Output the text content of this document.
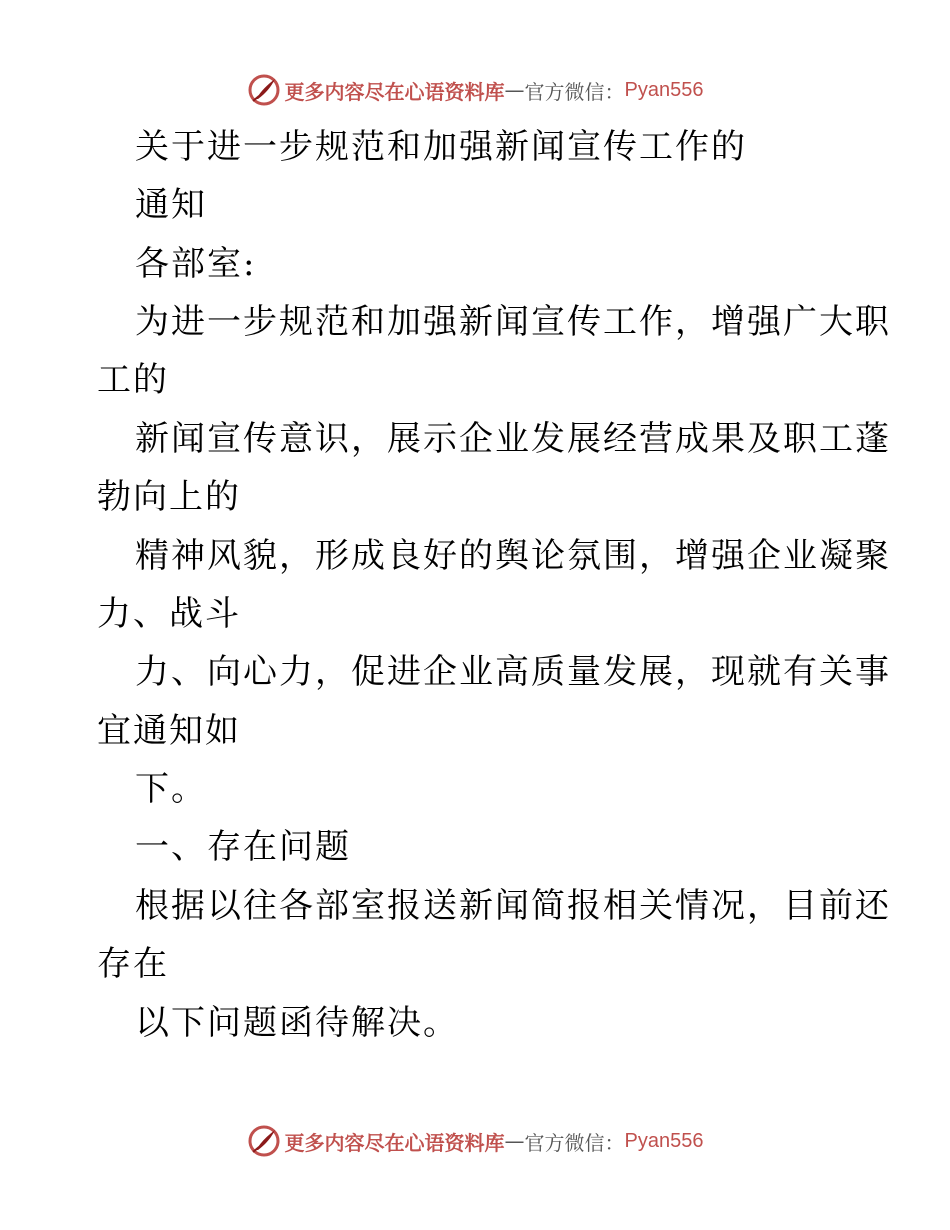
更多内容尽在心语资料库 — 官方微信： Pyan556
关于进一步规范和加强新闻宣传工作的
通知
各部室:
为进一步规范和加强新闻宣传工作，增强广大职
工的
新闻宣传意识，展示企业发展经营成果及职工蓬
勃向上的
精神风貌，形成良好的舆论氛围，增强企业凝聚
力、战斗
力、向心力，促进企业高质量发展，现就有关事
宜通知如
下。
一、存在问题
根据以往各部室报送新闻简报相关情况，目前还
存在
以下问题函待解决。
更多内容尽在心语资料库 — 官方微信： Pyan556
